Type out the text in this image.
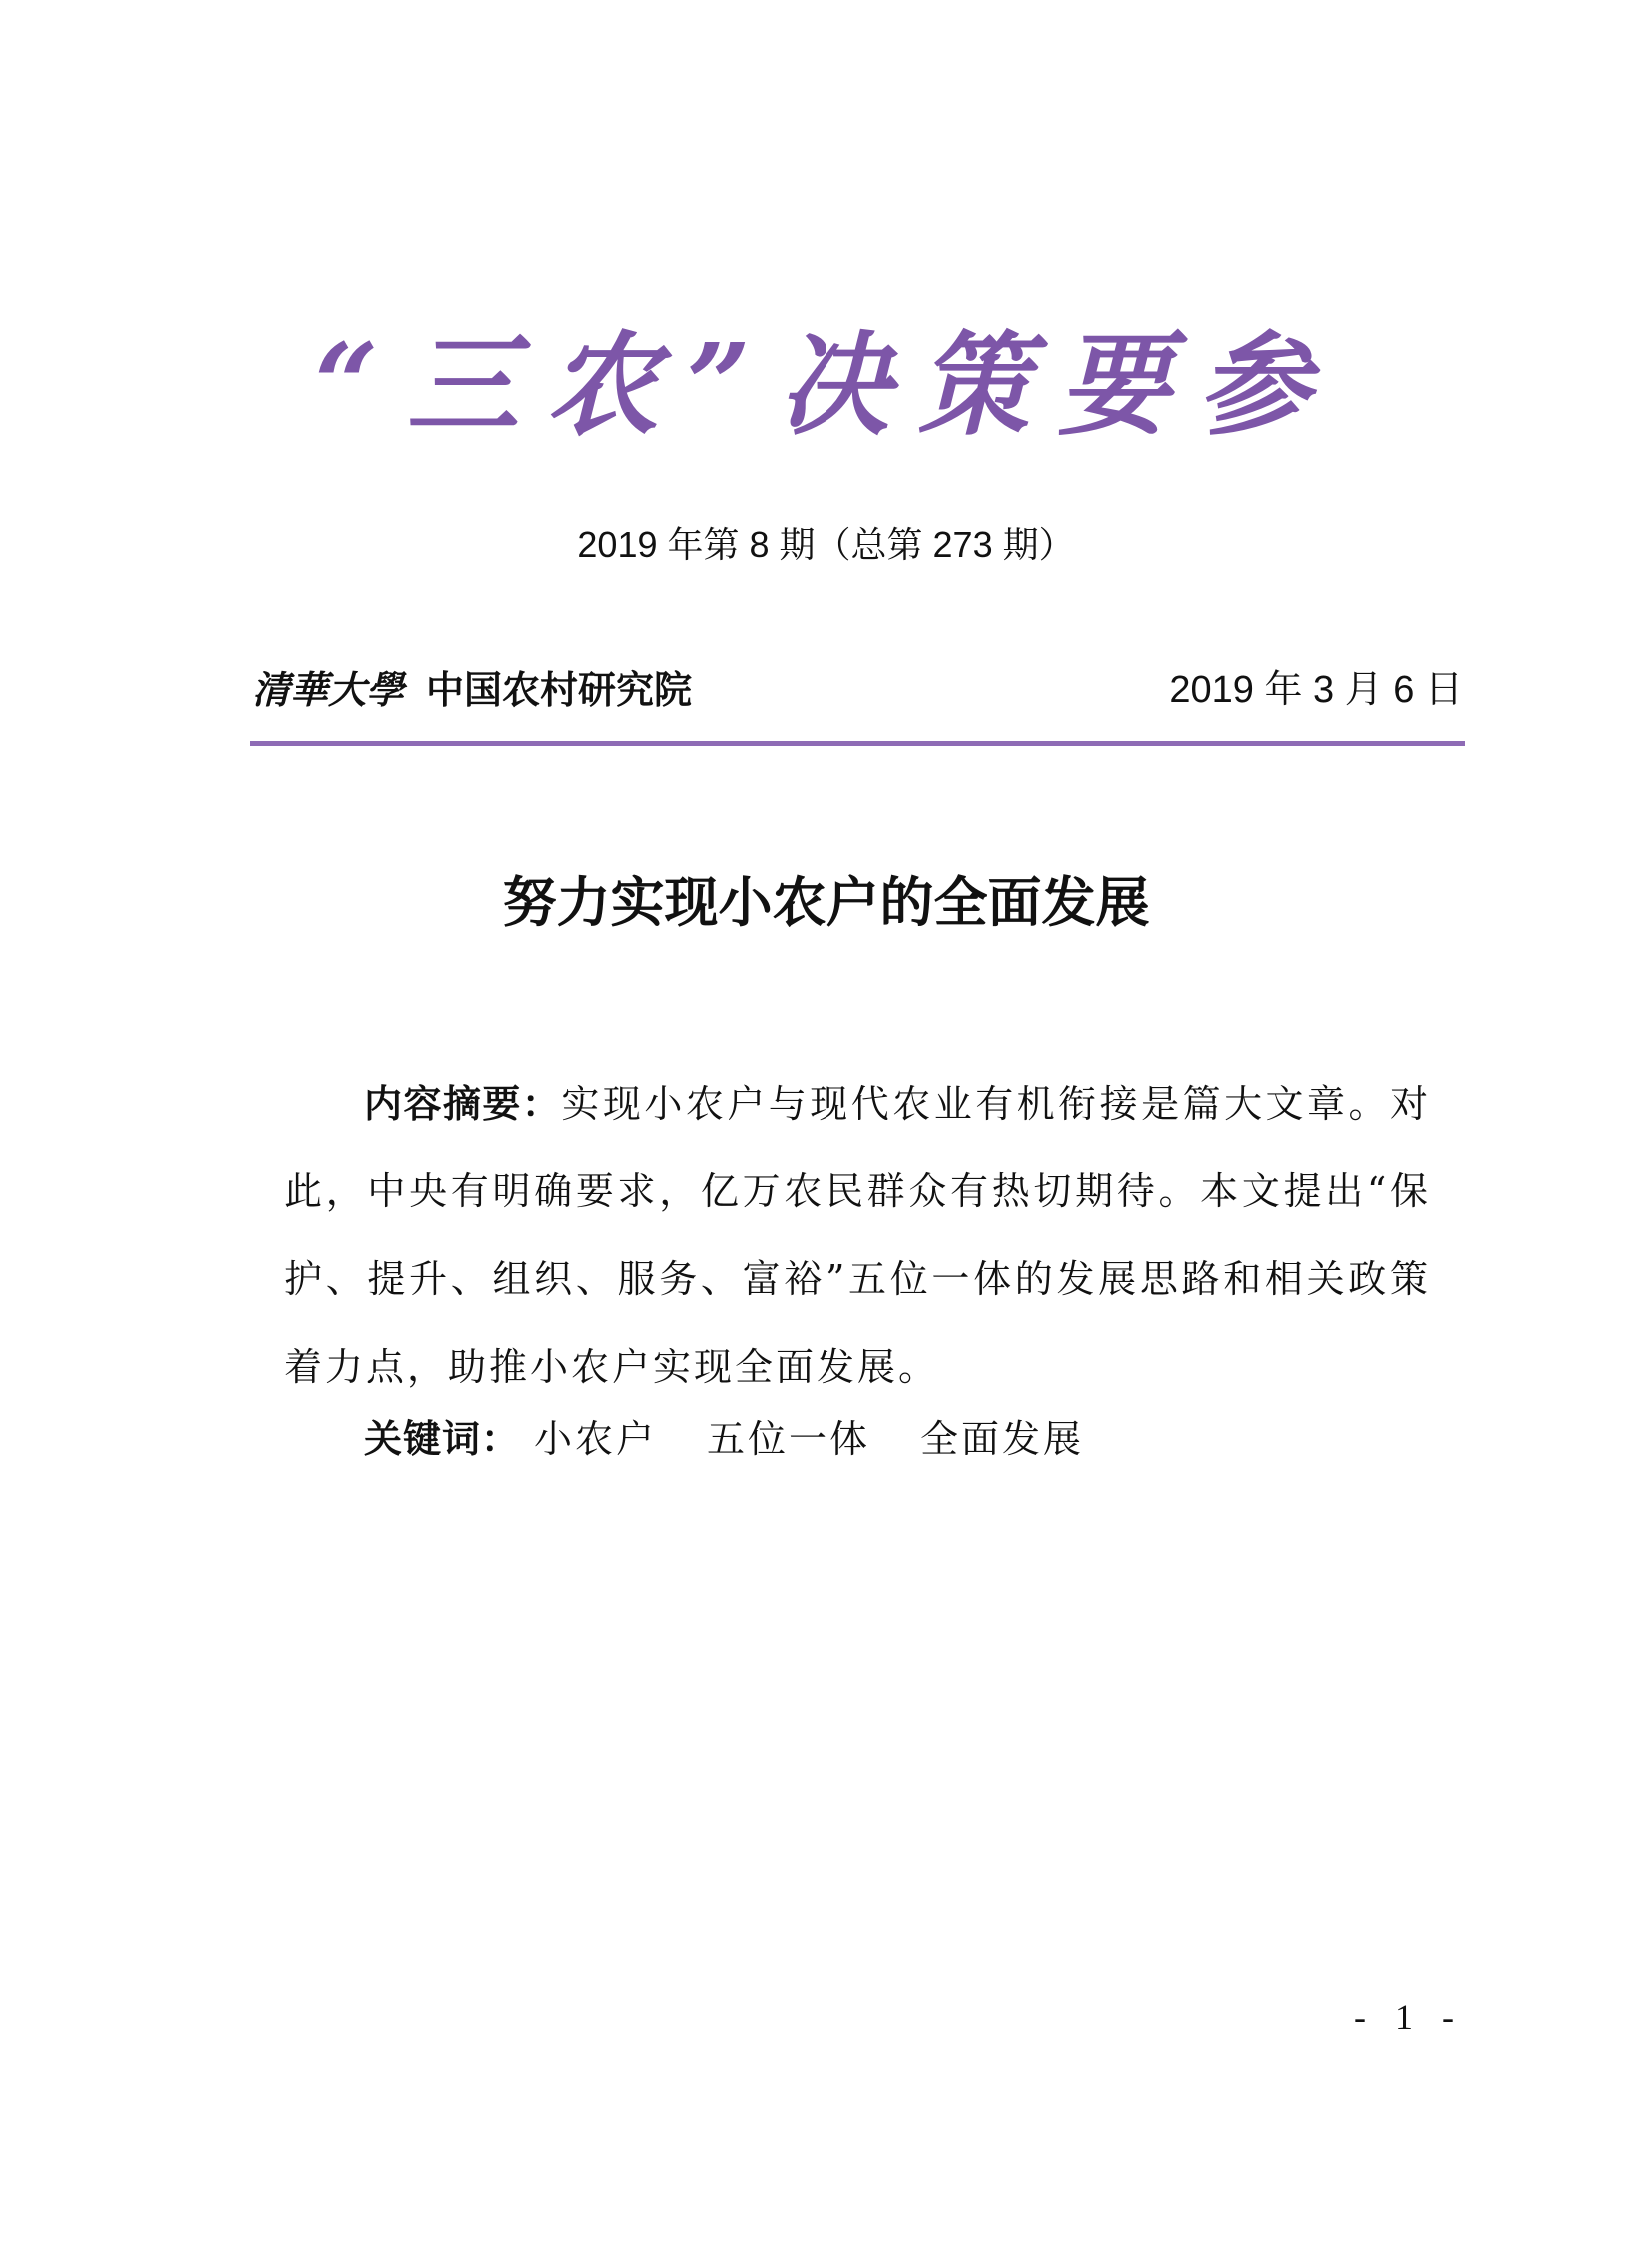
“三农”决策要参
2019 年第 8 期（总第 273 期）
清華大學 中国农村研究院	2019 年 3 月 6 日
努力实现小农户的全面发展

内容摘要：实现小农户与现代农业有机衔接是篇大文章。对此，中央有明确要求，亿万农民群众有热切期待。本文提出“保护、提升、组织、服务、富裕”五位一体的发展思路和相关政策着力点，助推小农户实现全面发展。

关键词： 小农户 五位一体 全面发展
- 1 -
